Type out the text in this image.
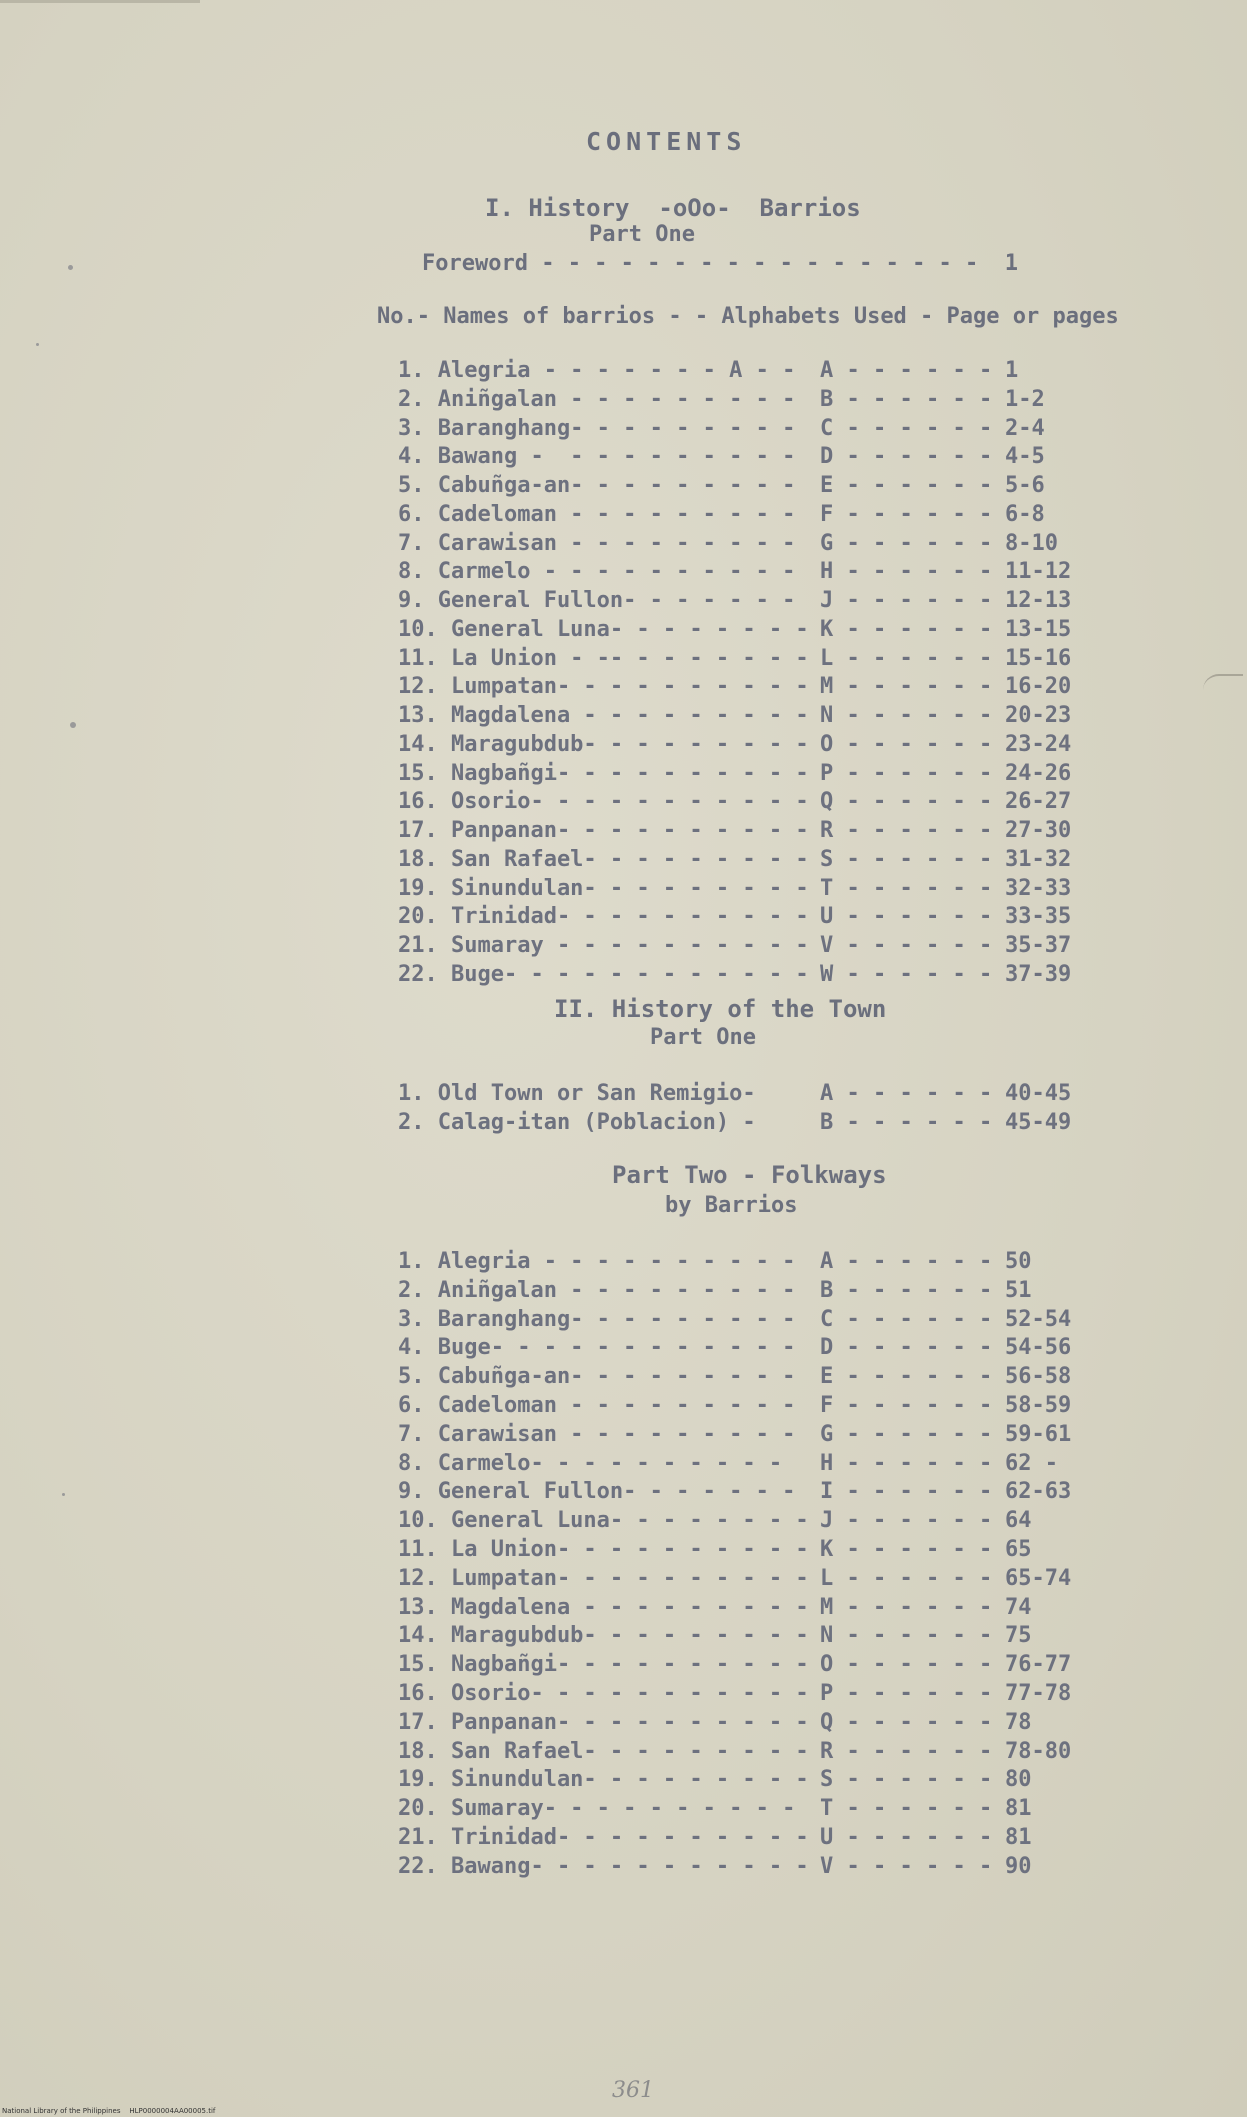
CONTENTS
I. History  -oOo-  Barrios
Part One
Foreword - - - - - - - - - - - - - - - - -  1
No.- Names of barrios - - Alphabets Used - Page or pages
1. Alegria - - - - - - - A - - A - - - - - - 1
2. Aniñgalan - - - - - - - - - B - - - - - - 1-2
3. Baranghang- - - - - - - - - C - - - - - - 2-4
4. Bawang -  - - - - - - - - - D - - - - - - 4-5
5. Cabuñga-an- - - - - - - - - E - - - - - - 5-6
6. Cadeloman - - - - - - - - - F - - - - - - 6-8
7. Carawisan - - - - - - - - - G - - - - - - 8-10
8. Carmelo - - - - - - - - - - H - - - - - - 11-12
9. General Fullon- - - - - - - J - - - - - - 12-13
10. General Luna- - - - - - - - K - - - - - - 13-15
11. La Union - -- - - - - - - - L - - - - - - 15-16
12. Lumpatan- - - - - - - - - - M - - - - - - 16-20
13. Magdalena - - - - - - - - - N - - - - - - 20-23
14. Maragubdub- - - - - - - - - O - - - - - - 23-24
15. Nagbañgi- - - - - - - - - - P - - - - - - 24-26
16. Osorio- - - - - - - - - - - Q - - - - - - 26-27
17. Panpanan- - - - - - - - - - R - - - - - - 27-30
18. San Rafael- - - - - - - - - S - - - - - - 31-32
19. Sinundulan- - - - - - - - - T - - - - - - 32-33
20. Trinidad- - - - - - - - - - U - - - - - - 33-35
21. Sumaray - - - - - - - - - - V - - - - - - 35-37
22. Buge- - - - - - - - - - - - W - - - - - - 37-39
II. History of the Town
Part One
1. Old Town or San Remigio-	A - - - - - - 40-45
2. Calag-itan (Poblacion) -	B - - - - - - 45-49
Part Two - Folkways
by Barrios
1. Alegria - - - - - - - - - - A - - - - - - 50
2. Aniñgalan - - - - - - - - - B - - - - - - 51
3. Baranghang- - - - - - - - - C - - - - - - 52-54
4. Buge- - - - - - - - - - - - D - - - - - - 54-56
5. Cabuñga-an- - - - - - - - - E - - - - - - 56-58
6. Cadeloman - - - - - - - - - F - - - - - - 58-59
7. Carawisan - - - - - - - - - G - - - - - - 59-61
8. Carmelo- - - - - - - - - - H - - - - - - 62 -
9. General Fullon- - - - - - - I - - - - - - 62-63
10. General Luna- - - - - - - - J - - - - - - 64
11. La Union- - - - - - - - - - K - - - - - - 65
12. Lumpatan- - - - - - - - - - L - - - - - - 65-74
13. Magdalena - - - - - - - - - M - - - - - - 74
14. Maragubdub- - - - - - - - - N - - - - - - 75
15. Nagbañgi- - - - - - - - - - O - - - - - - 76-77
16. Osorio- - - - - - - - - - - P - - - - - - 77-78
17. Panpanan- - - - - - - - - - Q - - - - - - 78
18. San Rafael- - - - - - - - - R - - - - - - 78-80
19. Sinundulan- - - - - - - - - S - - - - - - 80
20. Sumaray- - - - - - - - - - T - - - - - - 81
21. Trinidad- - - - - - - - - - U - - - - - - 81
22. Bawang- - - - - - - - - - - V - - - - - - 90
361
National Library of the Philippines    HLP0000004AA00005.tif
